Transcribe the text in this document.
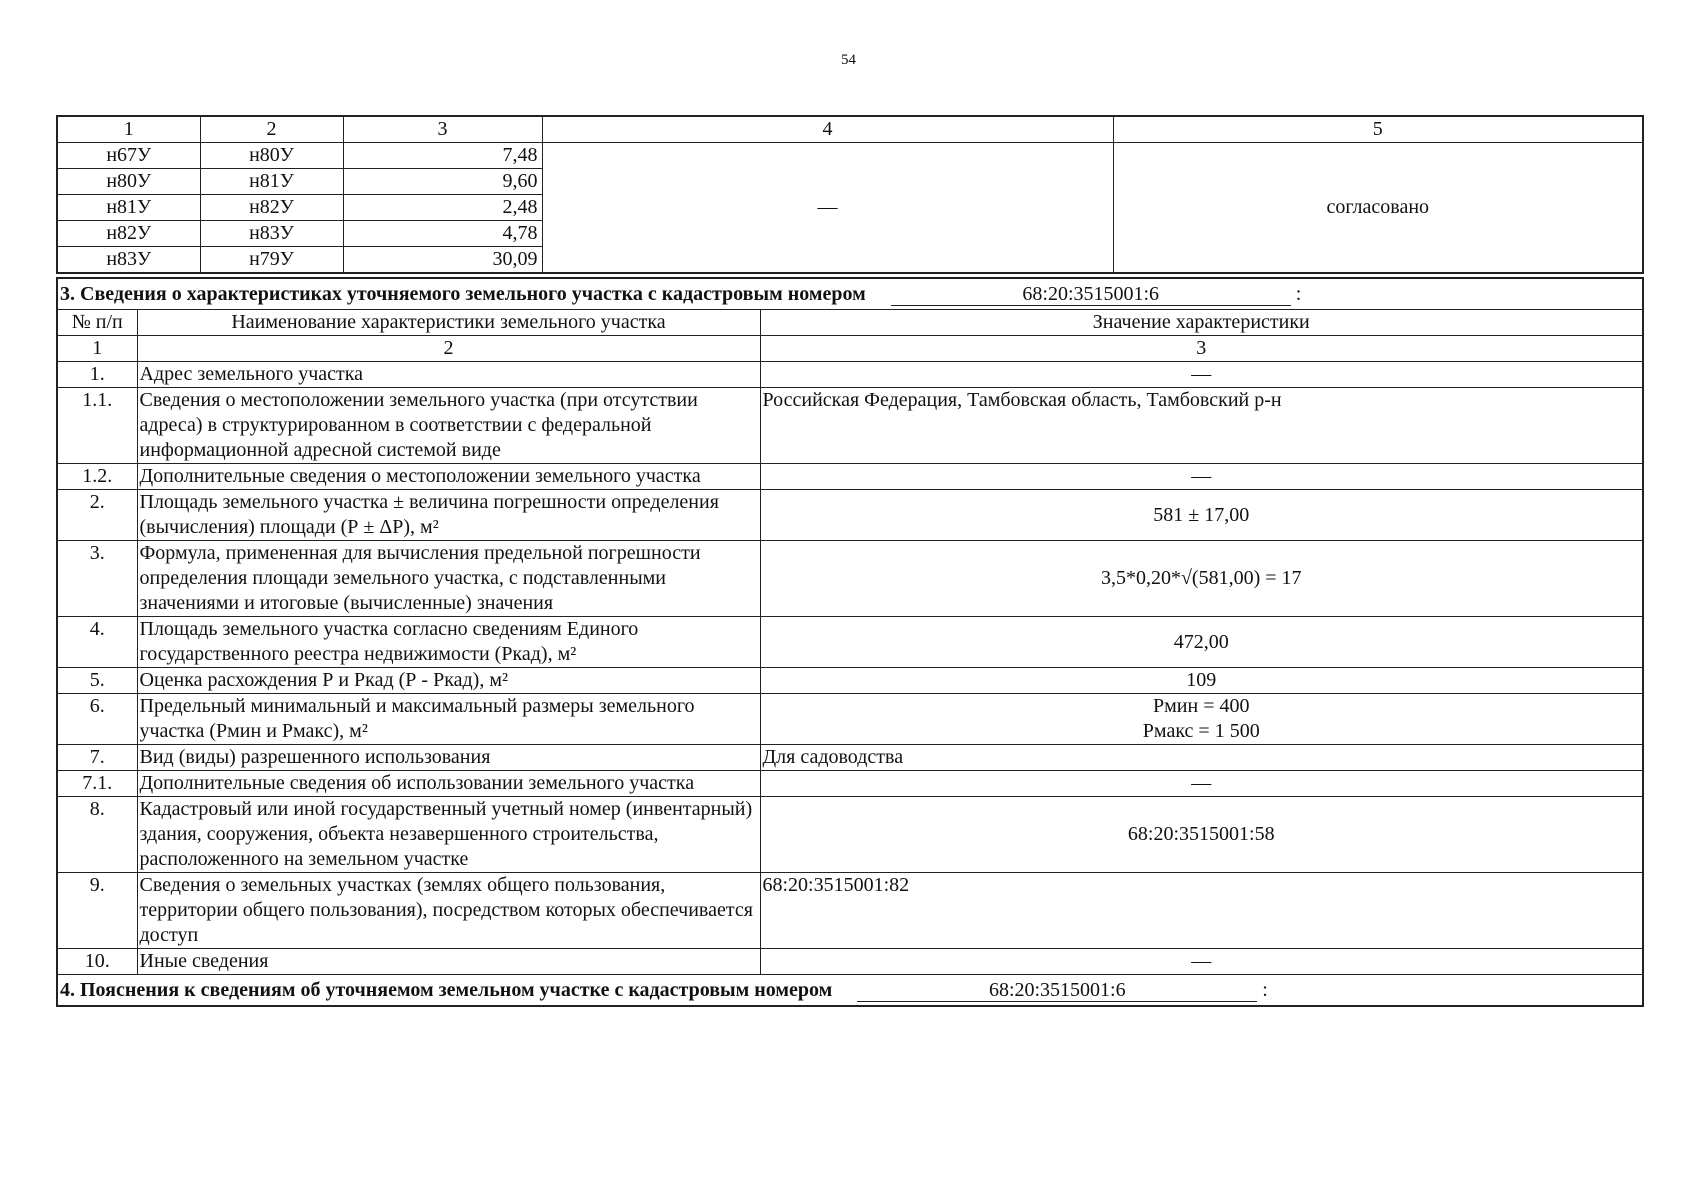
54
1	2	3	4	5
н67У	н80У	7,48	—	согласовано
н80У	н81У	9,60		
н81У	н82У	2,48		
н82У	н83У	4,78		
н83У	н79У	30,09		
3. Сведения о характеристиках уточняемого земельного участка с кадастровым номером 68:20:3515001:6 :		
№ п/п	Наименование характеристики земельного участка	Значение характеристики
1	2	3
1.	Адрес земельного участка	—
1.1.	Сведения о местоположении земельного участка (при отсутствии адреса) в структурированном в соответствии с федеральной информационной адресной системой виде	Российская Федерация, Тамбовская область, Тамбовский р-н
1.2.	Дополнительные сведения о местоположении земельного участка	—
2.	Площадь земельного участка ± величина погрешности определения (вычисления) площади (Р ± ΔР), м²	581 ± 17,00
3.	Формула, примененная для вычисления предельной погрешности определения площади земельного участка, с подставленными значениями и итоговые (вычисленные) значения	3,5*0,20*√(581,00) = 17
4.	Площадь земельного участка согласно сведениям Единого государственного реестра недвижимости (Ркад), м²	472,00
5.	Оценка расхождения Р и Ркад (Р - Ркад), м²	109
6.	Предельный минимальный и максимальный размеры земельного участка (Рмин и Рмакс), м²	Рмин = 400
Рмакс = 1 500

7.	Вид (виды) разрешенного использования	Для садоводства
7.1.	Дополнительные сведения об использовании земельного участка	—
8.	Кадастровый или иной государственный учетный номер (инвентарный) здания, сооружения, объекта незавершенного строительства, расположенного на земельном участке	68:20:3515001:58
9.	Сведения о земельных участках (землях общего пользования, территории общего пользования), посредством которых обеспечивается доступ	68:20:3515001:82
10.	Иные сведения	—
4. Пояснения к сведениям об уточняемом земельном участке с кадастровым номером 68:20:3515001:6 :		
